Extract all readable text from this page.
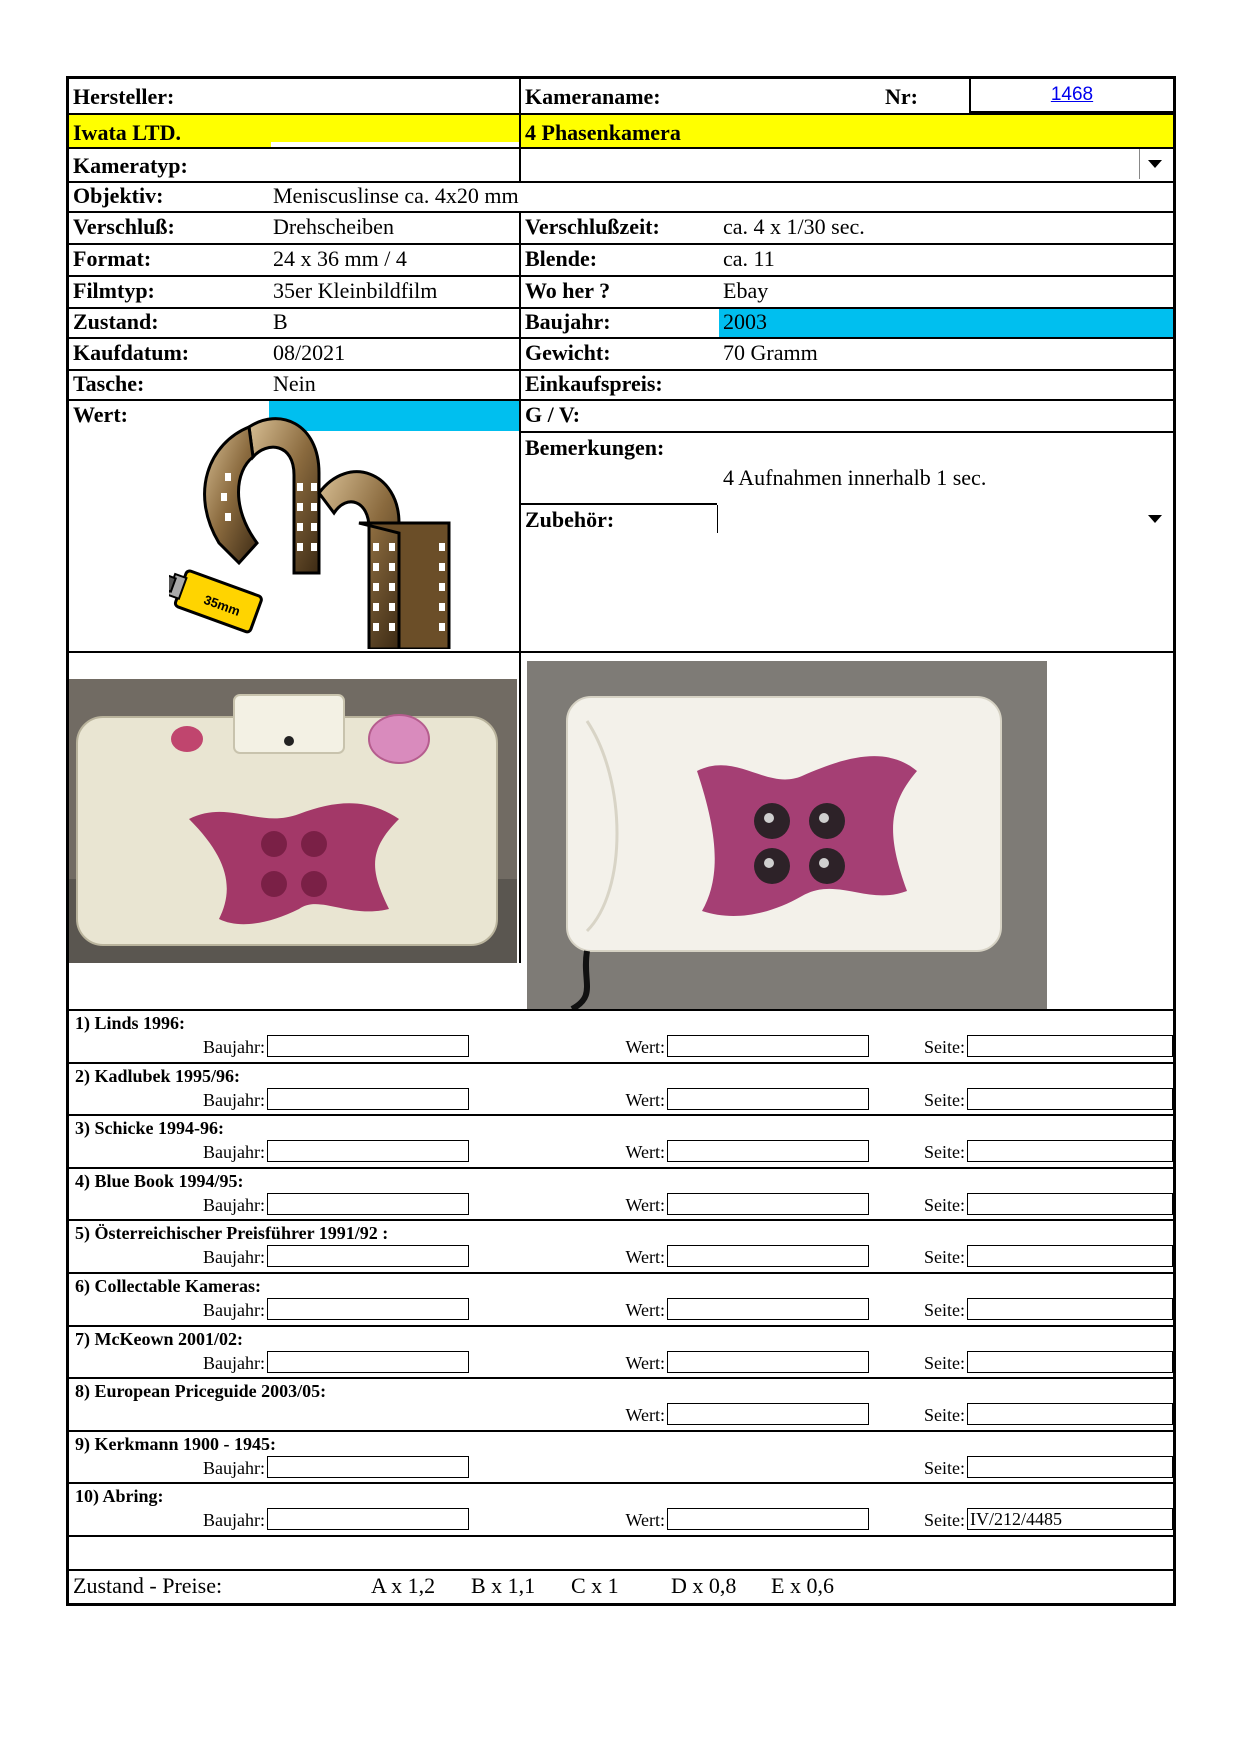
Hersteller:
Iwata LTD.
Kameraname:
4 Phasenkamera
Nr:	1468
Kameratyp:
Objektiv:	Meniscuslinse ca. 4x20 mm
Verschluß:	Drehscheiben	Verschlußzeit:	ca. 4 x 1/30 sec.
Format:	24 x 36 mm / 4	Blende:	ca. 11
Filmtyp:	35er Kleinbildfilm	Wo her ?	Ebay
Zustand:	B	Baujahr:	2003
Kaufdatum:	08/2021	Gewicht:	70 Gramm
Tasche:	Nein	Einkaufspreis:
Wert:	G / V:
Bemerkungen:
4 Aufnahmen innerhalb 1 sec.
Zubehör:
35mm
1) Linds 1996:
Baujahr:	Wert:	Seite:
2) Kadlubek 1995/96:
Baujahr:	Wert:	Seite:
3) Schicke 1994-96:
Baujahr:	Wert:	Seite:
4) Blue Book 1994/95:
Baujahr:	Wert:	Seite:
5) Österreichischer Preisführer 1991/92 :
Baujahr:	Wert:	Seite:
6) Collectable Kameras:
Baujahr:	Wert:	Seite:
7) McKeown 2001/02:
Baujahr:	Wert:	Seite:
8) European Priceguide 2003/05:
Wert:	Seite:
9) Kerkmann 1900 - 1945:
Baujahr:	Seite:
10) Abring:
Baujahr:	Wert:	Seite: IV/212/4485
Zustand - Preise:	A x 1,2 B x 1,1 C x 1 D x 0,8 E x 0,6
